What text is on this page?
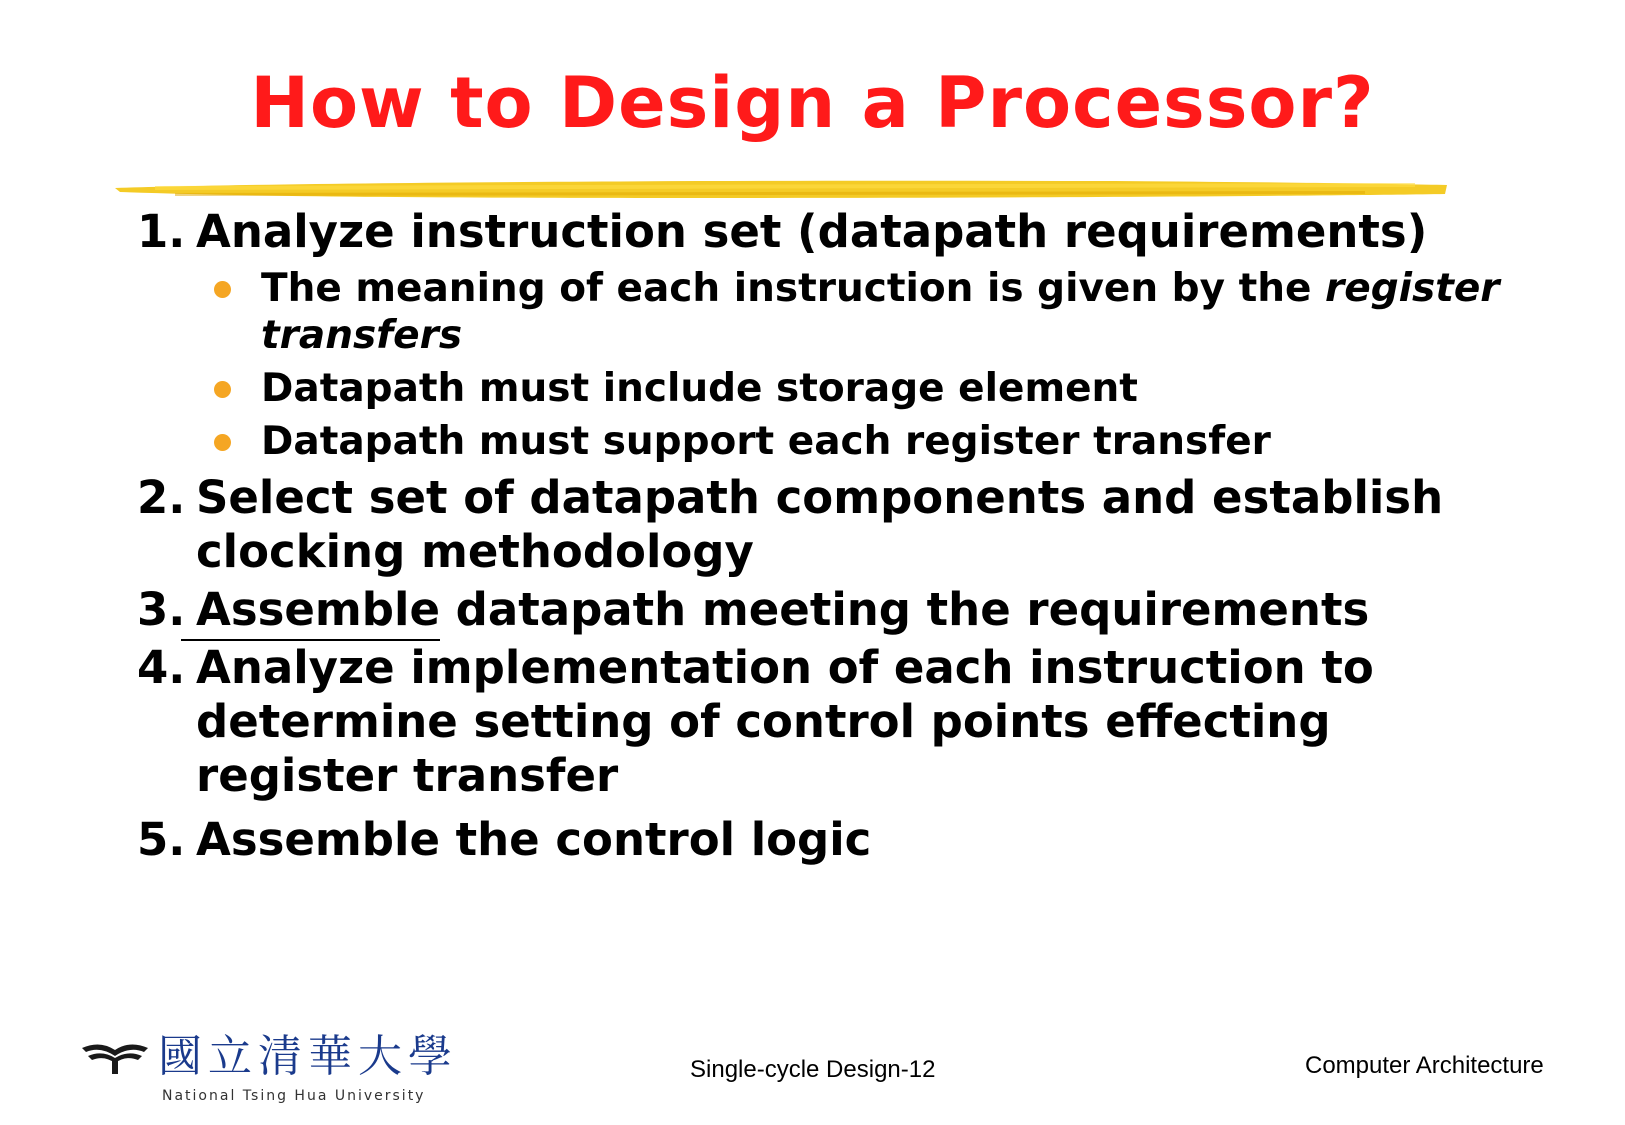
How to Design a Processor?
1. Analyze instruction set (datapath requirements)
The meaning of each instruction is given by the register transfers
Datapath must include storage element
Datapath must support each register transfer
2. Select set of datapath components and establish clocking methodology
3. Assemble
datapath meeting the requirements
4. Analyze implementation of each instruction to determine setting of control points effecting register transfer
5. Assemble the control logic
國立清華大學
National Tsing Hua University
Single-cycle Design-12	Computer Architecture
